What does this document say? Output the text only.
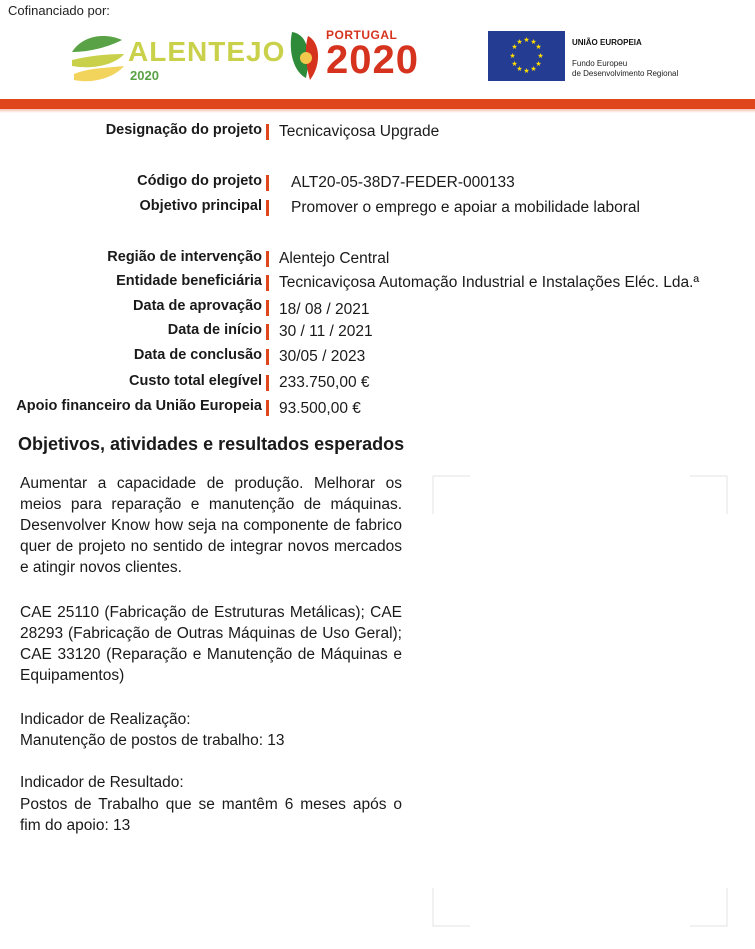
Cofinanciado por:
ALENTEJO
2020
PORTUGAL
2020	★ ★
★
★
★
★
★
★
★
★
★
★	UNIÃO EUROPEIA
Fundo Europeu
de Desenvolvimento Regional
Designação do projeto Tecnicaviçosa Upgrade
Código do projeto ALT20-05-38D7-FEDER-000133
Objetivo principal Promover o emprego e apoiar a mobilidade laboral
Região de intervenção Alentejo Central
Entidade beneficiária Tecnicaviçosa Automação Industrial e Instalações Eléc. Lda.ª
Data de aprovação 18/ 08 / 2021
Data de início 30 / 11 / 2021
Data de conclusão 30/05 / 2023
Custo total elegível 233.750,00 €
Apoio financeiro da União Europeia 93.500,00 €
Objetivos, atividades e resultados esperados
Aumentar a capacidade de produção. Melhorar os meios para reparação e manutenção de máquinas. Desenvolver Know how seja na componente de fabrico quer de projeto no sentido de integrar novos mercados e atingir novos clientes.
CAE 25110 (Fabricação de Estruturas Metálicas); CAE 28293 (Fabricação de Outras Máquinas de Uso Geral); CAE 33120 (Reparação e Manutenção de Máquinas e Equipamentos)
Indicador de Realização:
Manutenção de postos de trabalho: 13
Indicador de Resultado:
Postos de Trabalho que se mantêm 6 meses após o fim do apoio: 13
